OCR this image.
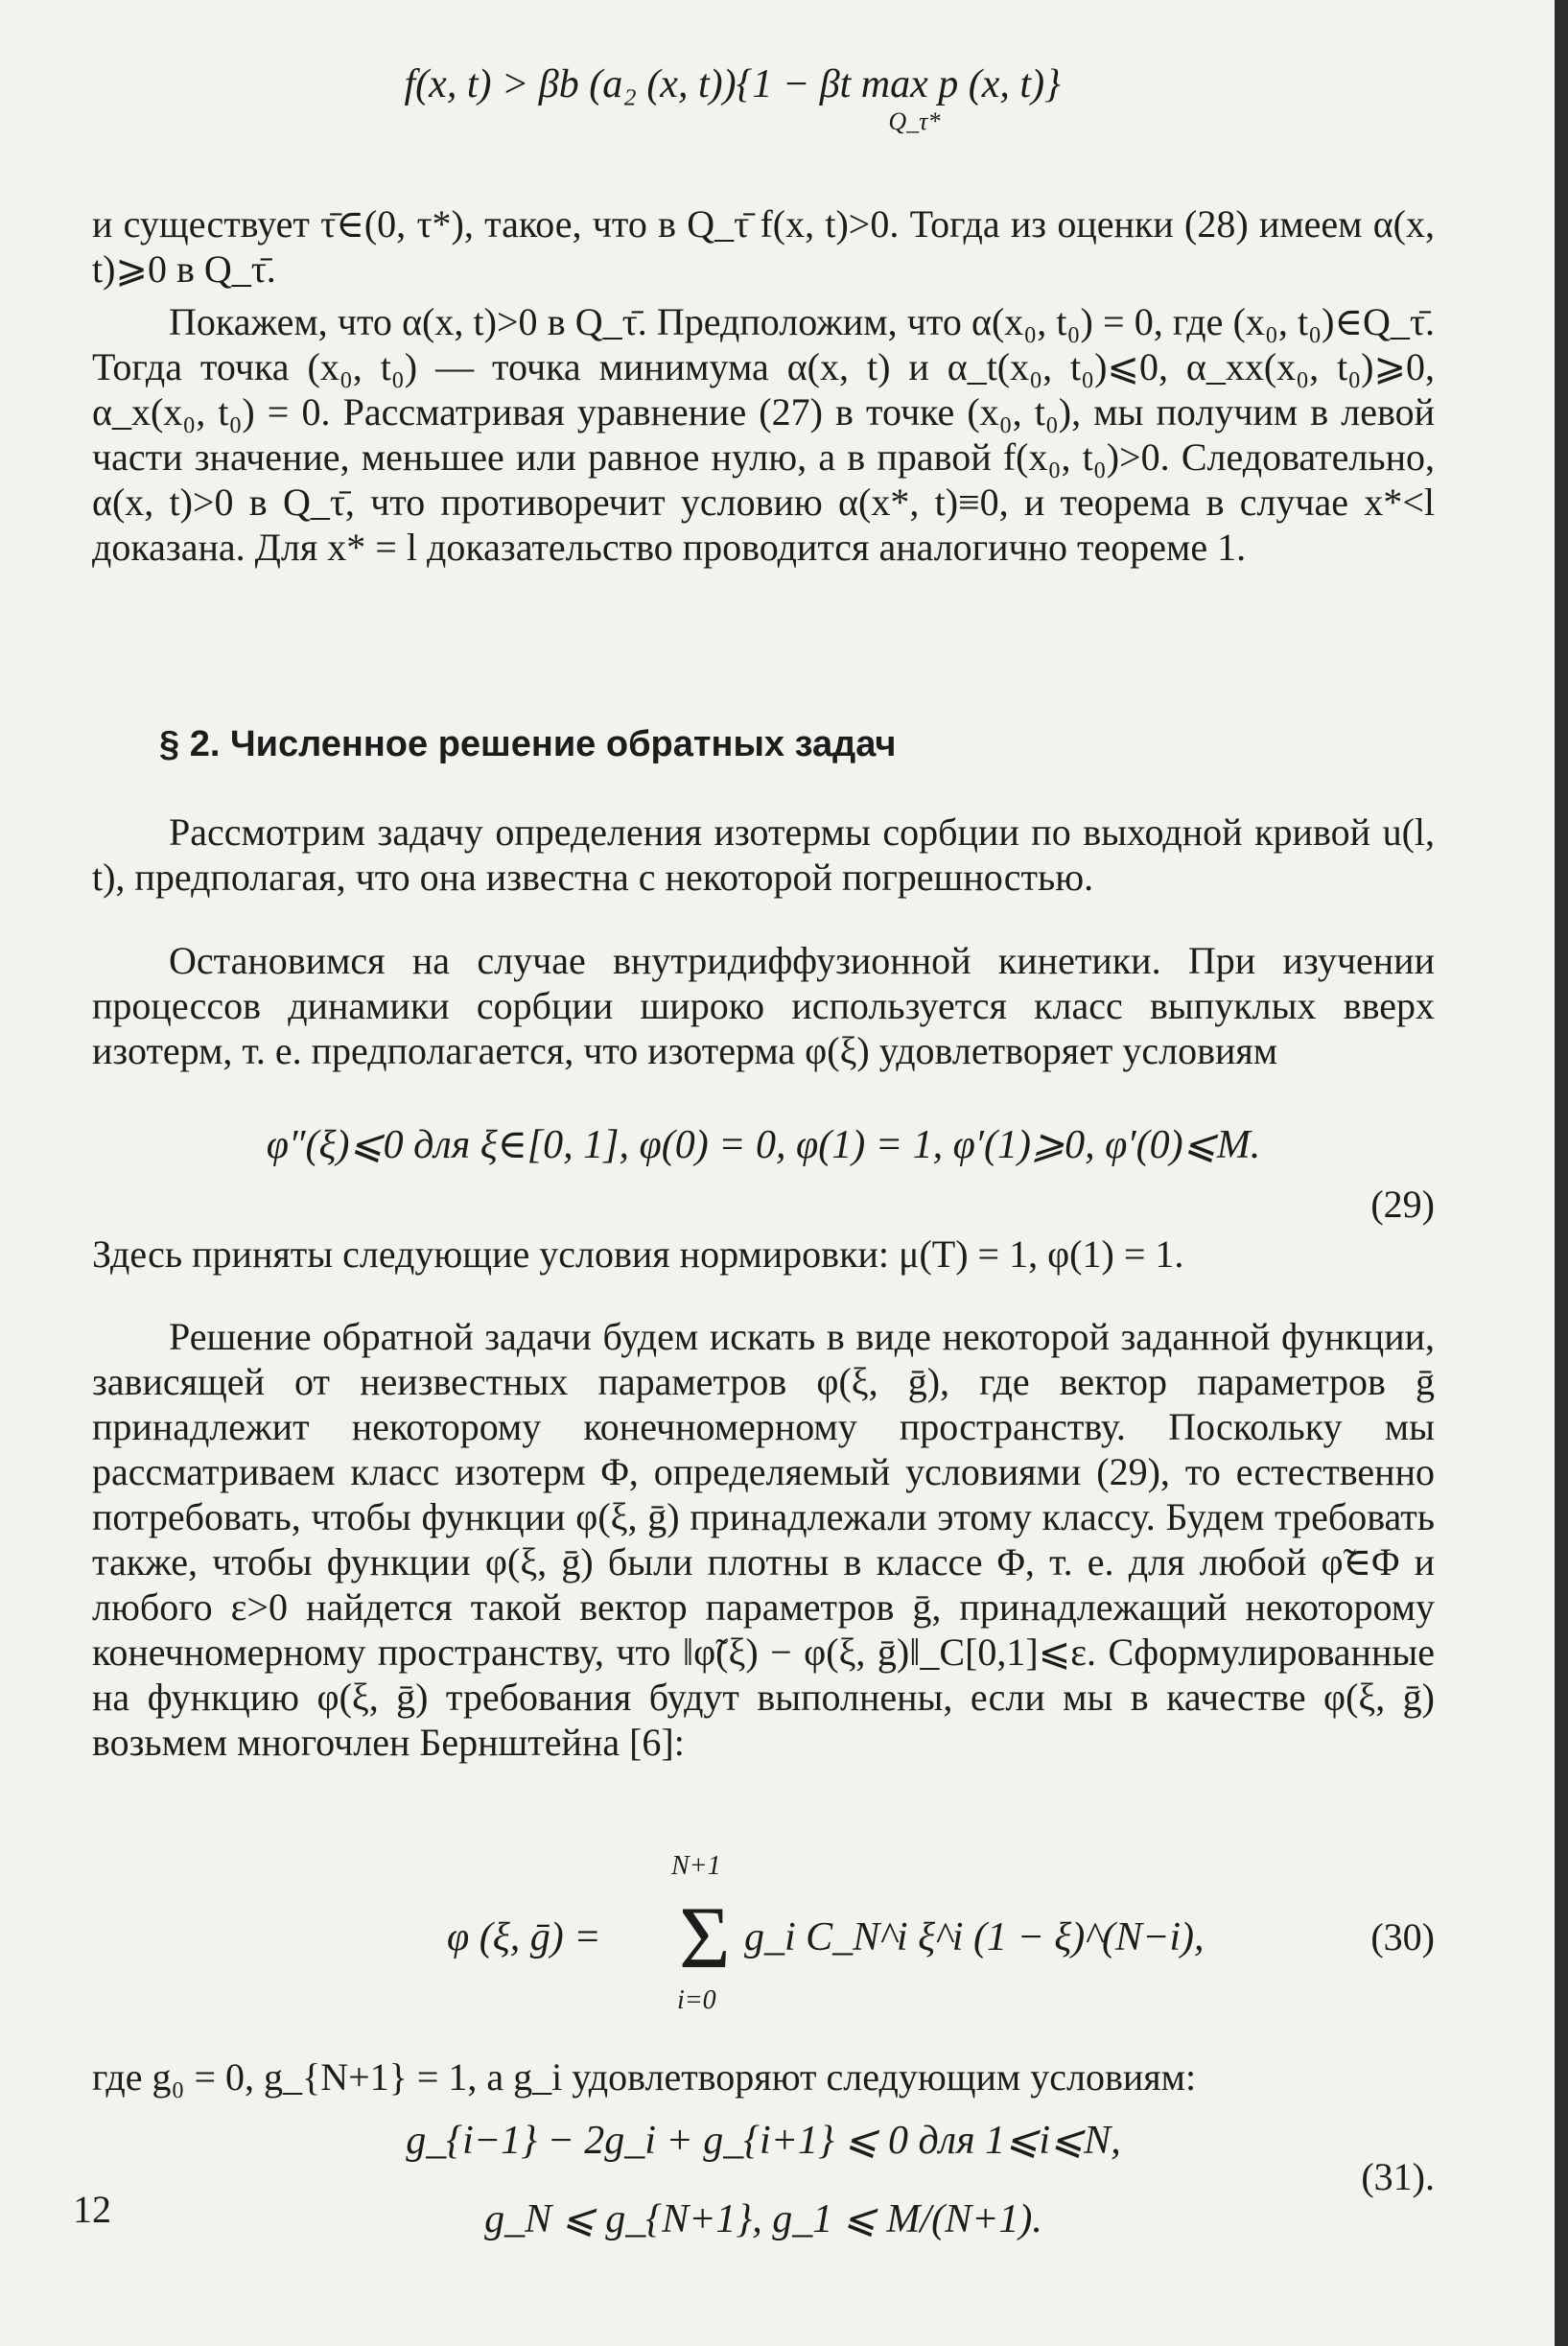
f(x, t) > βb (a₂ (x, t)){1 − βt max p (x, t)} $_{Q\_\tau*}$

и существует τ̄∈(0, τ*), такое, что в Q_τ̄ f(x, t)>0. Тогда из оценки (28) имеем α(x, t)⩾0 в Q_τ̄.

Покажем, что α(x, t)>0 в Q_τ̄. Предположим, что α(x₀, t₀) = 0, где (x₀, t₀)∈Q_τ̄. Тогда точка (x₀, t₀) — точка минимума α(x, t) и α_t(x₀, t₀)⩽0, α_xx(x₀, t₀)⩾0, α_x(x₀, t₀) = 0. Рассматривая уравнение (27) в точке (x₀, t₀), мы получим в левой части значение, меньшее или равное нулю, а в правой f(x₀, t₀)>0. Следовательно, α(x, t)>0 в Q_τ̄, что противоречит условию α(x*, t)≡0, и теорема в случае x*<l доказана. Для x* = l доказательство проводится аналогично теореме 1.

§ 2. Численное решение обратных задач

Рассмотрим задачу определения изотермы сорбции по выходной кривой u(l, t), предполагая, что она известна с некоторой погрешностью.

Остановимся на случае внутридиффузионной кинетики. При изучении процессов динамики сорбции широко используется класс выпуклых вверх изотерм, т. е. предполагается, что изотерма φ(ξ) удовлетворяет условиям

φ″(ξ)⩽0 для ξ∈[0, 1], φ(0) = 0, φ(1) = 1, φ′(1)⩾0, φ′(0)⩽M.
(29)

Здесь приняты следующие условия нормировки: μ(T) = 1, φ(1) = 1.

Решение обратной задачи будем искать в виде некоторой заданной функции, зависящей от неизвестных параметров φ(ξ, ḡ), где вектор параметров ḡ принадлежит некоторому конечномерному пространству. Поскольку мы рассматриваем класс изотерм Φ, определяемый условиями (29), то естественно потребовать, чтобы функции φ(ξ, ḡ) принадлежали этому классу. Будем требовать также, чтобы функции φ(ξ, ḡ) были плотны в классе Φ, т. е. для любой φ̃∈Φ и любого ε>0 найдется такой вектор параметров ḡ, принадлежащий некоторому конечномерному пространству, что ‖φ̃(ξ) − φ(ξ, ḡ)‖_C[0,1]⩽ε. Сформулированные на функцию φ(ξ, ḡ) требования будут выполнены, если мы в качестве φ(ξ, ḡ) возьмем многочлен Бернштейна [6]:

φ (ξ, ḡ) =
N+1
Σ
i=0
g_i C_N^i ξ^i (1 − ξ)^(N−i),	(30)

где g₀ = 0, g_{N+1} = 1, а g_i удовлетворяют следующим условиям:

g_{i−1} − 2g_i + g_{i+1} ⩽ 0 для 1⩽i⩽N,
g_N ⩽ g_{N+1}, g_1 ⩽ M/(N+1).
(31).
12
